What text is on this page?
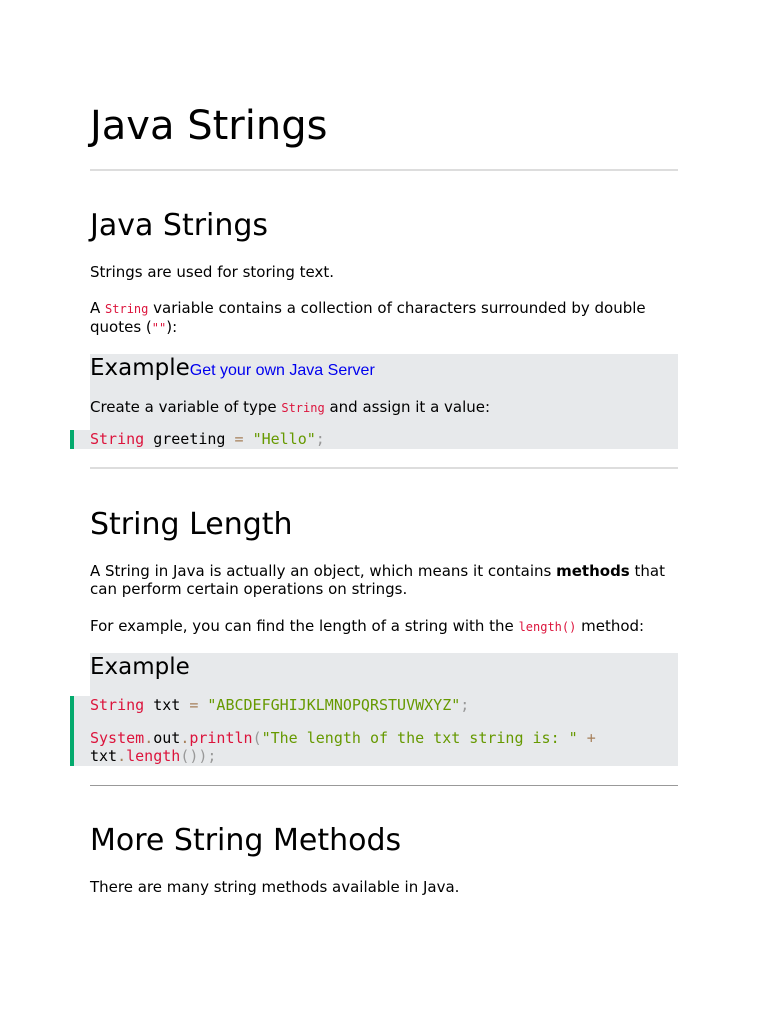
Java Strings
Java Strings

Strings are used for storing text.

A String variable contains a collection of characters surrounded by double quotes (""):

ExampleGet your own Java Server

Create a variable of type String and assign it a value:

String greeting = "Hello";
String Length

A String in Java is actually an object, which means it contains methods that can perform certain operations on strings.

For example, you can find the length of a string with the length() method:

Example
String txt = "ABCDEFGHIJKLMNOPQRSTUVWXYZ";
System.out.println("The length of the txt string is: " +
txt.length());
More String Methods

There are many string methods available in Java.
